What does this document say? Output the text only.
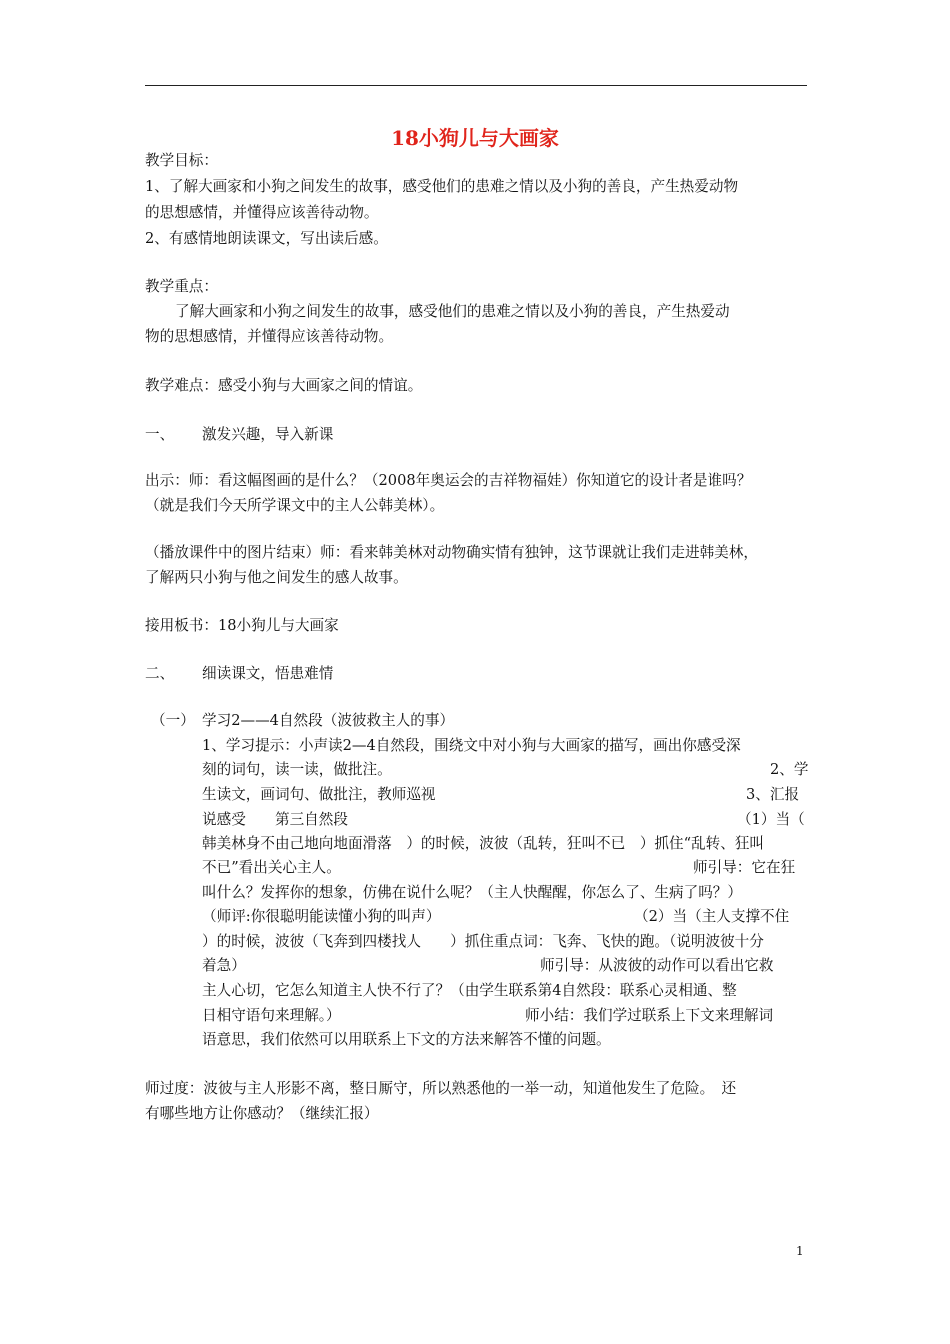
18小狗儿与大画家
教学目标：
1、了解大画家和小狗之间发生的故事，感受他们的患难之情以及小狗的善良，产生热爱动物
的思想感情，并懂得应该善待动物。
2、有感情地朗读课文，写出读后感。
教学重点：
了解大画家和小狗之间发生的故事，感受他们的患难之情以及小狗的善良，产生热爱动
物的思想感情，并懂得应该善待动物。
教学难点：感受小狗与大画家之间的情谊。
一、 激发兴趣，导入新课
出示：师：看这幅图画的是什么？（2008年奥运会的吉祥物福娃）你知道它的设计者是谁吗？
（就是我们今天所学课文中的主人公韩美林）。
（播放课件中的图片结束）师：看来韩美林对动物确实情有独钟，这节课就让我们走进韩美林，
了解两只小狗与他之间发生的感人故事。
接用板书：18小狗儿与大画家
二、 细读课文，悟患难情
（一） 学习2——4自然段（波彼救主人的事）
1、学习提示：小声读2—4自然段，围绕文中对小狗与大画家的描写，画出你感受深
刻的词句，读一读，做批注。	2、学
生读文，画词句、做批注，教师巡视	3、汇报
说感受　　第三自然段	（1）当（
韩美林身不由己地向地面滑落　）的时候，波彼（乱转，狂叫不已　）抓住“乱转、狂叫
不已”看出关心主人。	师引导：它在狂
叫什么？发挥你的想象，仿佛在说什么呢？（主人快醒醒，你怎么了、生病了吗？）
（师评:你很聪明能读懂小狗的叫声）	（2）当（主人支撑不住
）的时候，波彼（飞奔到四楼找人　　）抓住重点词：飞奔、飞快的跑。（说明波彼十分
着急）	师引导：从波彼的动作可以看出它救
主人心切，它怎么知道主人快不行了？（由学生联系第4自然段：联系心灵相通、整
日相守语句来理解。）	师小结：我们学过联系上下文来理解词
语意思，我们依然可以用联系上下文的方法来解答不懂的问题。
师过度：波彼与主人形影不离，整日厮守，所以熟悉他的一举一动，知道他发生了危险。　还
有哪些地方让你感动？（继续汇报）
1
